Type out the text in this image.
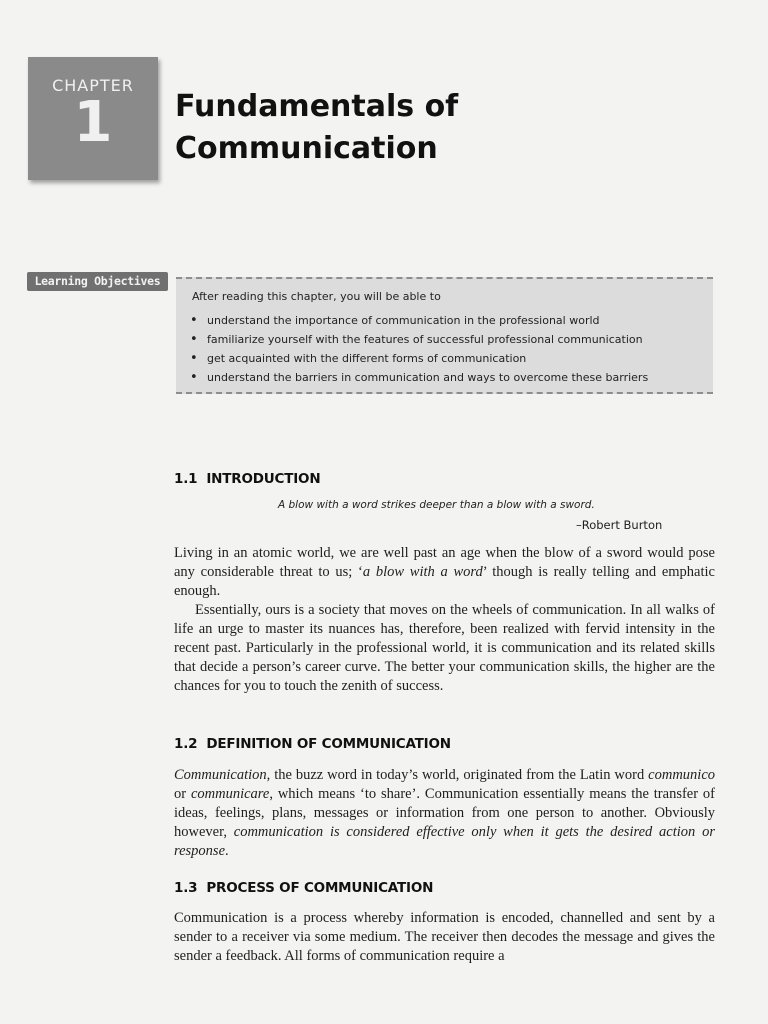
CHAPTER
1	Fundamentals of
Communication
Learning Objectives
After reading this chapter, you will be able to
• understand the importance of communication in the professional world
• familiarize yourself with the features of successful professional communication
• get acquainted with the different forms of communication
• understand the barriers in communication and ways to overcome these barriers
1.1 INTRODUCTION
A blow with a word strikes deeper than a blow with a sword.
–Robert Burton

Living in an atomic world, we are well past an age when the blow of a sword would pose any considerable threat to us; ‘a blow with a word’ though is really telling and emphatic enough.

Essentially, ours is a society that moves on the wheels of communication. In all walks of life an urge to master its nuances has, therefore, been realized with fervid intensity in the recent past. Particularly in the professional world, it is communication and its related skills that decide a person’s career curve. The better your communication skills, the higher are the chances for you to touch the zenith of success.

1.2 DEFINITION OF COMMUNICATION

Communication, the buzz word in today’s world, originated from the Latin word communico or communicare, which means ‘to share’. Communication essentially means the transfer of ideas, feelings, plans, messages or information from one person to another. Obviously however, communication is considered effective only when it gets the desired action or response.

1.3 PROCESS OF COMMUNICATION

Communication is a process whereby information is encoded, channelled and sent by a sender to a receiver via some medium. The receiver then decodes the message and gives the sender a feedback. All forms of communication require a
